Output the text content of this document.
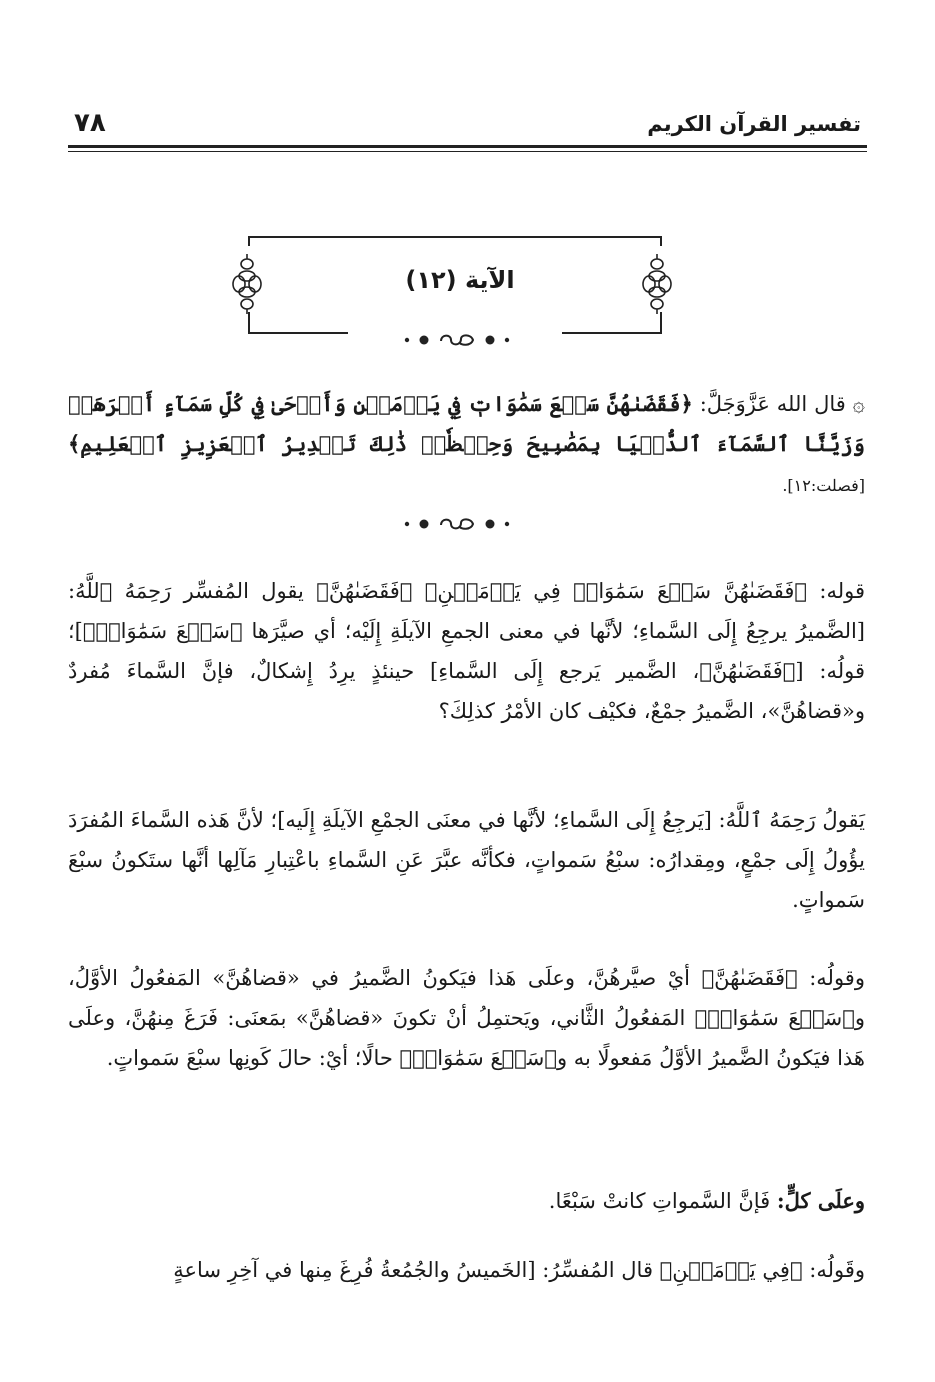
٧٨	تفسير القرآن الكريم
الآية (١٢)
۞ قال الله عَزَّوَجَلَّ: ﴿فَقَضَىٰهُنَّ سَبۡعَ سَمَٰوَاتٖ فِي يَوۡمَيۡنِ وَأَوۡحَىٰ فِي كُلِّ سَمَآءٍ أَمۡرَهَاۚ وَزَيَّنَّا ٱلسَّمَآءَ ٱلدُّنۡيَا بِمَصَٰبِيحَ وَحِفۡظٗاۚ ذَٰلِكَ تَقۡدِيرُ ٱلۡعَزِيزِ ٱلۡعَلِيمِ﴾ [فصلت:١٢].
قوله: ﴿فَقَضَىٰهُنَّ سَبۡعَ سَمَٰوَاتٖ فِي يَوۡمَيۡنِ﴾ ﴿فَقَضَىٰهُنَّ﴾ يقول المُفسِّر رَحِمَهُ ٱللَّهُ: [الضَّميرُ يرجِعُ إِلَى السَّماءِ؛ لأنَّها في معنى الجمعِ الآيلَةِ إِلَيْه؛ أي صيَّرَها ﴿سَبۡعَ سَمَٰوَاتٖ﴾]؛ قولُه: [﴿فَقَضَىٰهُنَّ﴾، الضَّمير يَرجع إِلَى السَّماءِ] حينئذٍ يرِدُ إِشكالٌ، فإنَّ السَّماءَ مُفردٌ و«قضاهُنَّ»، الضَّميرُ جمْعٌ، فكيْف كان الأمْرُ كذلِكَ؟
يَقولُ رَحِمَهُ ٱللَّهُ: [يَرجِعُ إِلَى السَّماءِ؛ لأنَّها في معنَى الجمْعِ الآيلَةِ إِلَيه]؛ لأنَّ هَذه السَّماءَ المُفرَدَ يؤُولُ إِلَى جمْعٍ، ومِقدارُه: سبْعُ سَمواتٍ، فكأنَّه عبَّرَ عَنِ السَّماءِ باعْتِبارِ مَآلِها أنَّها ستَكونُ سبْعَ سَمواتٍ.
وقولُه: ﴿فَقَضَىٰهُنَّ﴾ أيْ صيَّرهُنَّ، وعلَى هَذا فيَكونُ الضَّميرُ في «قضاهُنَّ» المَفعُولُ الأوَّلُ، و﴿سَبۡعَ سَمَٰوَاتٖ﴾ المَفعُولُ الثَّاني، ويَحتمِلُ أنْ تكونَ «قضاهُنَّ» بمَعنَى: فَرَغَ مِنهُنَّ، وعلَى هَذا فيَكونُ الضَّميرُ الأوَّلُ مَفعولًا به و﴿سَبۡعَ سَمَٰوَاتٖ﴾ حالًا؛ أيْ: حالَ كَونِها سبْعَ سَمواتٍ.
وعلَى كلٍّ: فَإنَّ السَّمواتِ كانتْ سَبْعًا.
وقَولُه: ﴿فِي يَوۡمَيۡنِ﴾ قال المُفسِّرُ: [الخَميسُ والجُمُعةُ فُرِغَ مِنها في آخِرِ ساعةٍ
